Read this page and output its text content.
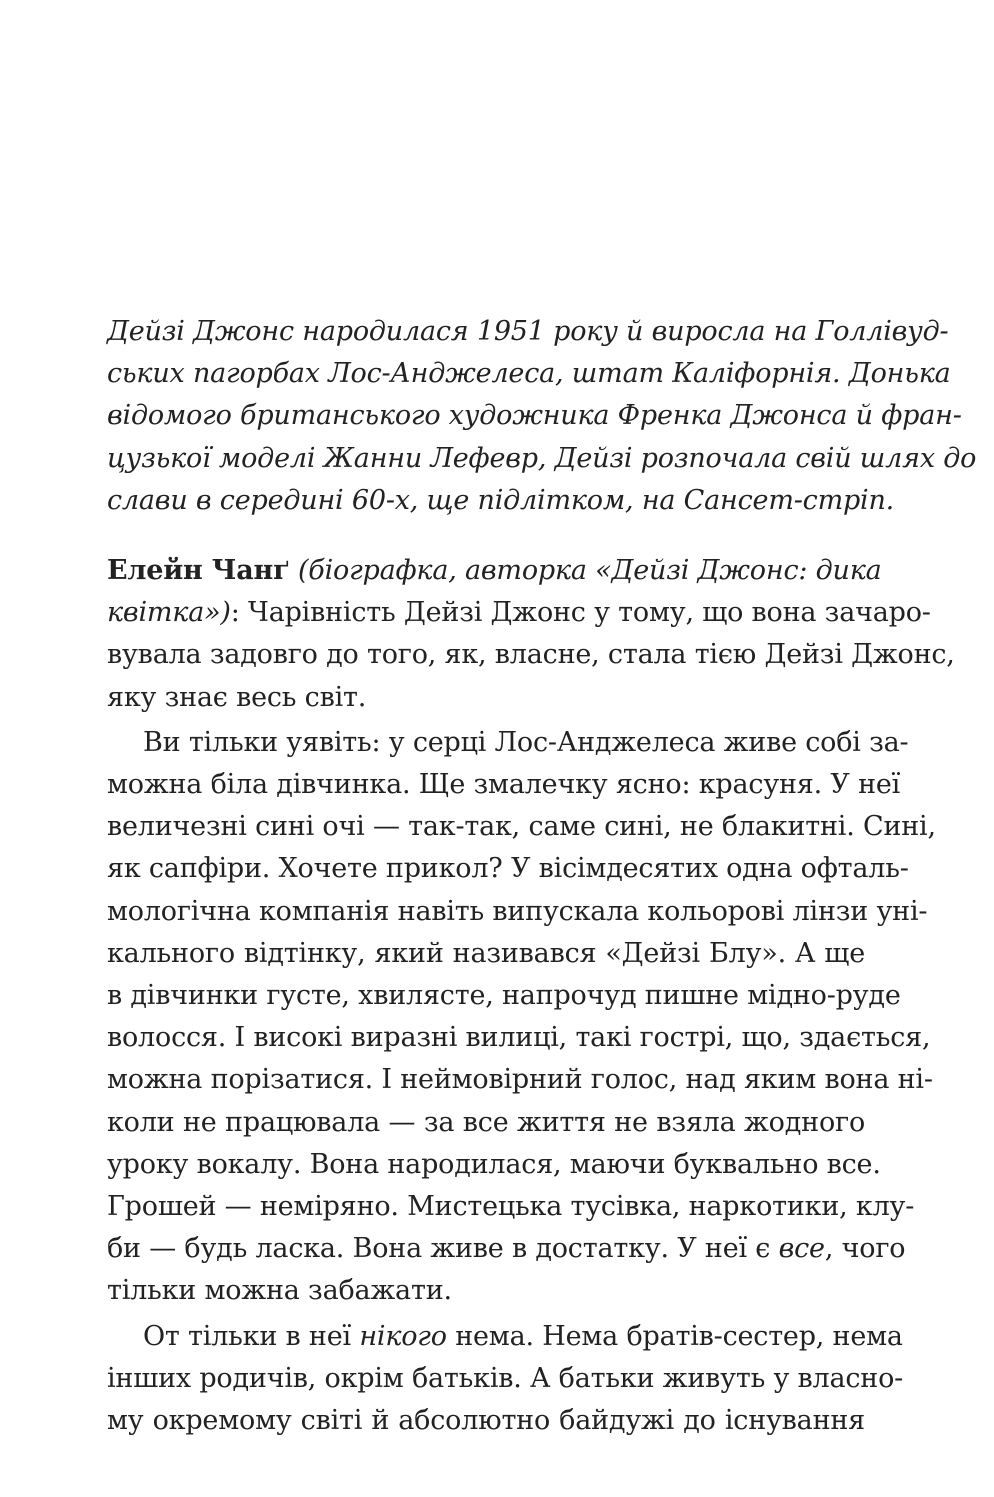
Дейзі Джонс народилася 1951 року й виросла на Голлівуд-
ських пагорбах Лос-Анджелеса, штат Каліфорнія. Донька
відомого британського художника Френка Джонса й фран-
цузької моделі Жанни Лефевр, Дейзі розпочала свій шлях до
слави в середині 60-х, ще підлітком, на Сансет-стріп.
Елейн Чанґ (біографка, авторка «Дейзі Джонс: дика
квітка»): Чарівність Дейзі Джонс у тому, що вона зачаро-
вувала задовго до того, як, власне, стала тією Дейзі Джонс,
яку знає весь світ.
Ви тільки уявіть: у серці Лос-Анджелеса живе собі за-
можна біла дівчинка. Ще змалечку ясно: красуня. У неї
величезні сині очі — так-так, саме сині, не блакитні. Сині,
як сапфіри. Хочете прикол? У вісімдесятих одна офталь-
мологічна компанія навіть випускала кольорові лінзи уні-
кального відтінку, який називався «Дейзі Блу». А ще
в дівчинки густе, хвилясте, напрочуд пишне мідно-руде
волосся. І високі виразні вилиці, такі гострі, що, здається,
можна порізатися. І неймовірний голос, над яким вона ні-
коли не працювала — за все життя не взяла жодного
уроку вокалу. Вона народилася, маючи буквально все.
Грошей — неміряно. Мистецька тусівка, наркотики, клу-
би — будь ласка. Вона живе в достатку. У неї є все, чого
тільки можна забажати.
От тільки в неї нікого нема. Нема братів-сестер, нема
інших родичів, окрім батьків. А батьки живуть у власно-
му окремому світі й абсолютно байдужі до існування
